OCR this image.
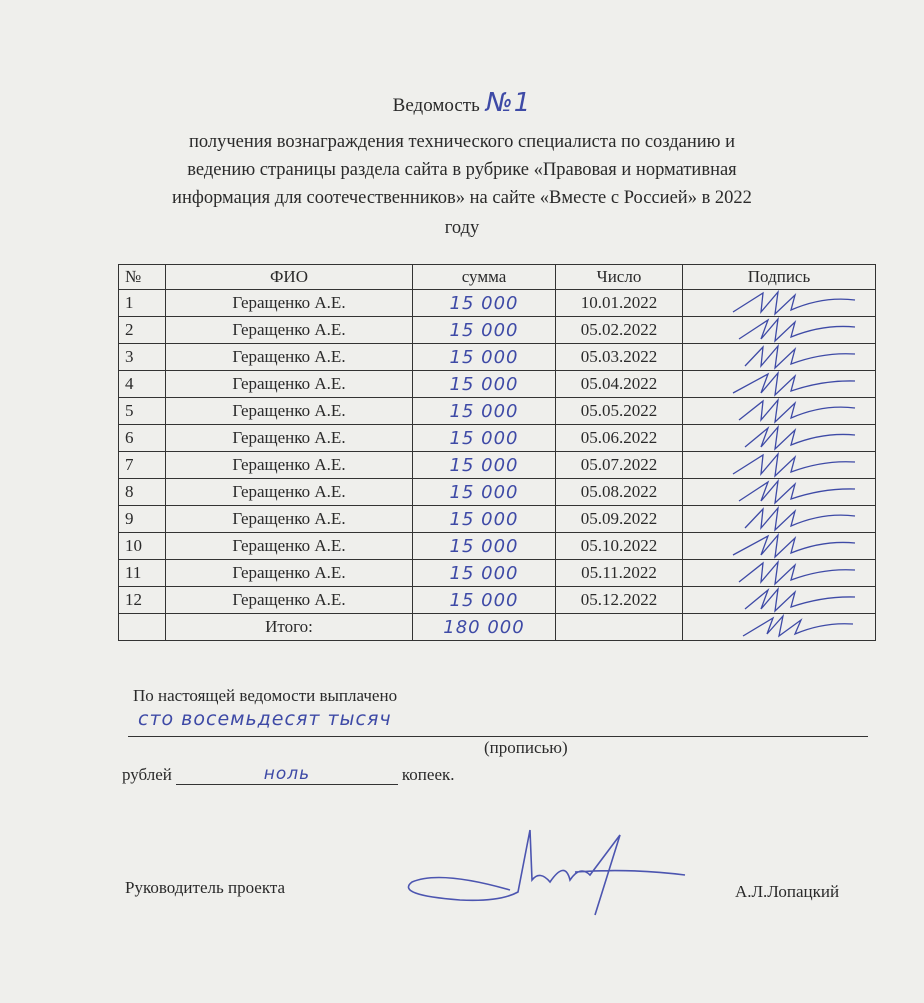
Ведомость №1
получения вознаграждения технического специалиста по созданию и
ведению страницы раздела сайта в рубрике «Правовая и нормативная
информация для соотечественников» на сайте «Вместе с Россией» в 2022
году
№	ФИО	сумма	Число	Подпись
1	Геращенко А.Е.	15 000	10.01.2022	

2	Геращенко А.Е.	15 000	05.02.2022	

3	Геращенко А.Е.	15 000	05.03.2022	

4	Геращенко А.Е.	15 000	05.04.2022	

5	Геращенко А.Е.	15 000	05.05.2022	

6	Геращенко А.Е.	15 000	05.06.2022	

7	Геращенко А.Е.	15 000	05.07.2022	

8	Геращенко А.Е.	15 000	05.08.2022	

9	Геращенко А.Е.	15 000	05.09.2022	

10	Геращенко А.Е.	15 000	05.10.2022	

11	Геращенко А.Е.	15 000	05.11.2022	

12	Геращенко А.Е.	15 000	05.12.2022	

	Итого:	180 000		
По настоящей ведомости выплачено
сто восемьдесят тысяч
(прописью)
рублей	ноль	копеек.
Руководитель проекта	А.Л.Лопацкий
